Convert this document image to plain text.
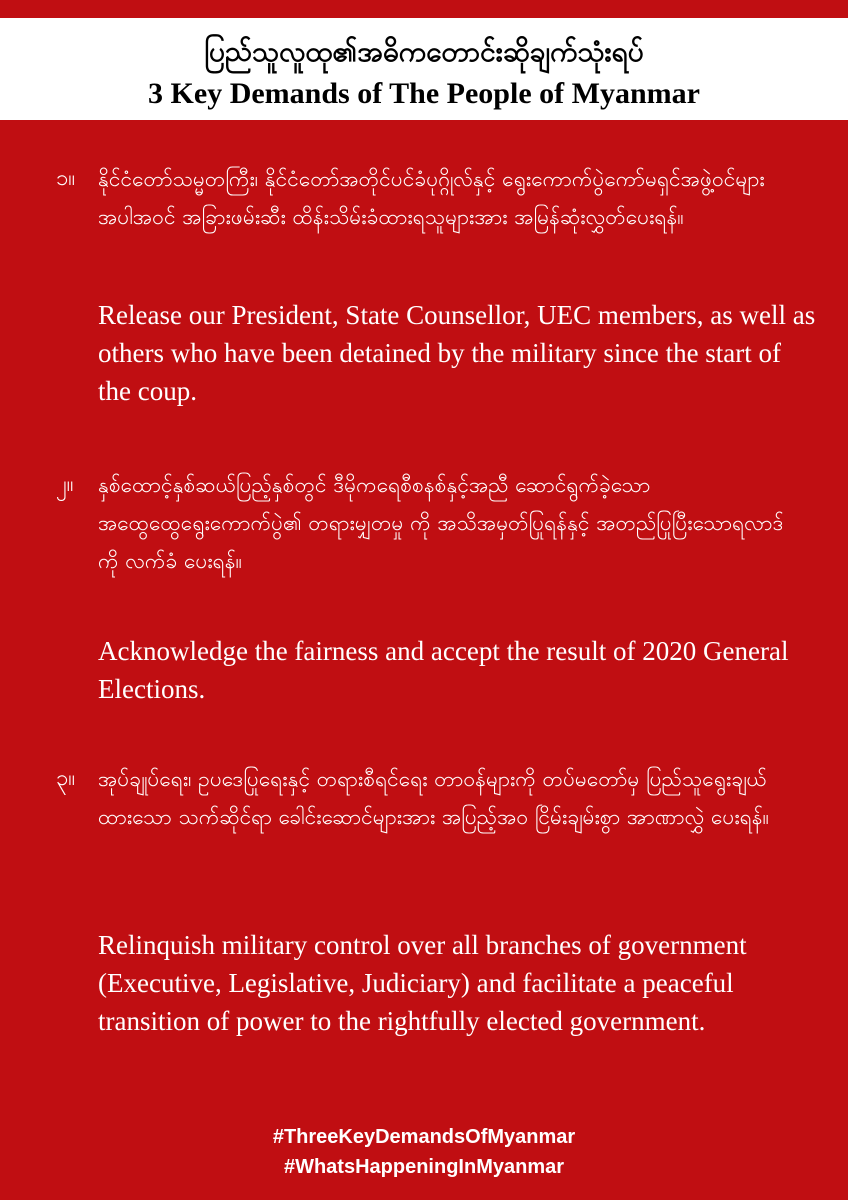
ပြည်သူလူထု၏အဓိကတောင်းဆိုချက်သုံးရပ်
3 Key Demands of The People of Myanmar
၁။ နိုင်ငံတော်သမ္မတကြီး၊ နိုင်ငံတော်အတိုင်ပင်ခံပုဂ္ဂိုလ်နှင့် ရွေးကောက်ပွဲကော်မရှင်အဖွဲ့ဝင်များအပါအဝင် အခြားဖမ်းဆီး ထိန်းသိမ်းခံထားရသူများအား အမြန်ဆုံးလွှတ်ပေးရန်။
Release our President, State Counsellor, UEC members, as well as others who have been detained by the military since the start of the coup.
၂။ နှစ်ထောင့်နှစ်ဆယ်ပြည့်နှစ်တွင် ဒီမိုကရေစီစနစ်နှင့်အညီ ဆောင်ရွက်ခဲ့သော အထွေထွေရွေးကောက်ပွဲ၏ တရားမျှတမှု ကို အသိအမှတ်ပြုရန်နှင့် အတည်ပြုပြီးသောရလာဒ်ကို လက်ခံ ပေးရန်။
Acknowledge the fairness and accept the result of 2020 General Elections.
၃။ အုပ်ချုပ်ရေး၊ ဥပဒေပြုရေးနှင့် တရားစီရင်ရေး တာဝန်များကို တပ်မတော်မှ ပြည်သူရွေးချယ်ထားသော သက်ဆိုင်ရာ ခေါင်းဆောင်များအား အပြည့်အဝ ငြိမ်းချမ်းစွာ အာဏာလွှဲ ပေးရန်။
Relinquish military control over all branches of government (Executive, Legislative, Judiciary) and facilitate a peaceful transition of power to the rightfully elected government.
#ThreeKeyDemandsOfMyanmar
#WhatsHappeningInMyanmar
